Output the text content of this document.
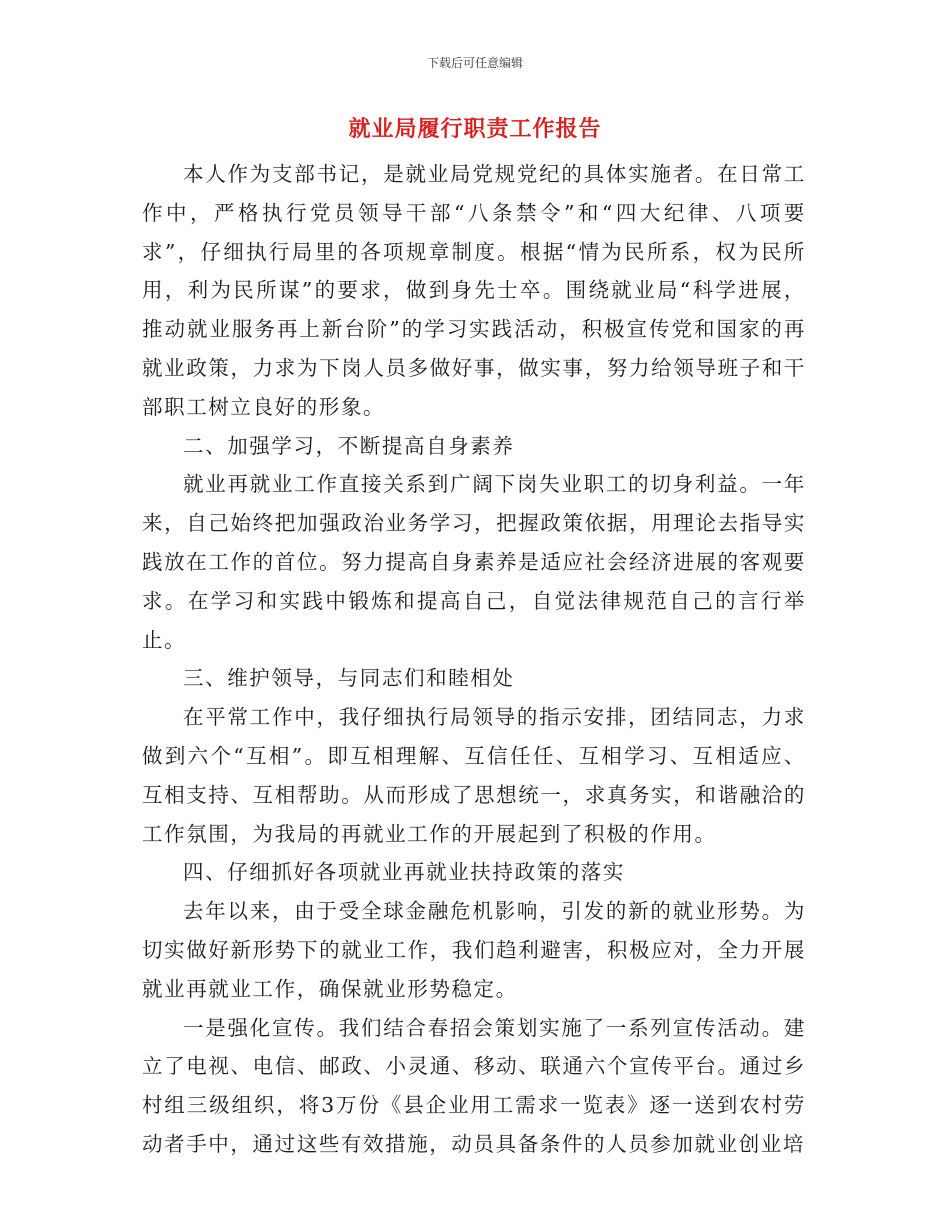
下载后可任意编辑
就业局履行职责工作报告

本人作为支部书记，是就业局党规党纪的具体实施者。在日常工作中，严格执行党员领导干部“八条禁令”和“四大纪律、八项要求”，仔细执行局里的各项规章制度。根据“情为民所系，权为民所用，利为民所谋”的要求，做到身先士卒。围绕就业局“科学进展，推动就业服务再上新台阶”的学习实践活动，积极宣传党和国家的再就业政策，力求为下岗人员多做好事，做实事，努力给领导班子和干部职工树立良好的形象。

二、加强学习，不断提高自身素养

就业再就业工作直接关系到广阔下岗失业职工的切身利益。一年来，自己始终把加强政治业务学习，把握政策依据，用理论去指导实践放在工作的首位。努力提高自身素养是适应社会经济进展的客观要求。在学习和实践中锻炼和提高自己，自觉法律规范自己的言行举止。

三、维护领导，与同志们和睦相处

在平常工作中，我仔细执行局领导的指示安排，团结同志，力求做到六个“互相”。即互相理解、互信任任、互相学习、互相适应、互相支持、互相帮助。从而形成了思想统一，求真务实，和谐融洽的工作氛围，为我局的再就业工作的开展起到了积极的作用。

四、仔细抓好各项就业再就业扶持政策的落实

去年以来，由于受全球金融危机影响，引发的新的就业形势。为切实做好新形势下的就业工作，我们趋利避害，积极应对，全力开展就业再就业工作，确保就业形势稳定。

一是强化宣传。我们结合春招会策划实施了一系列宣传活动。建立了电视、电信、邮政、小灵通、移动、联通六个宣传平台。通过乡村组三级组织，将3万份《县企业用工需求一览表》逐一送到农村劳动者手中，通过这些有效措施，动员具备条件的人员参加就业创业培
